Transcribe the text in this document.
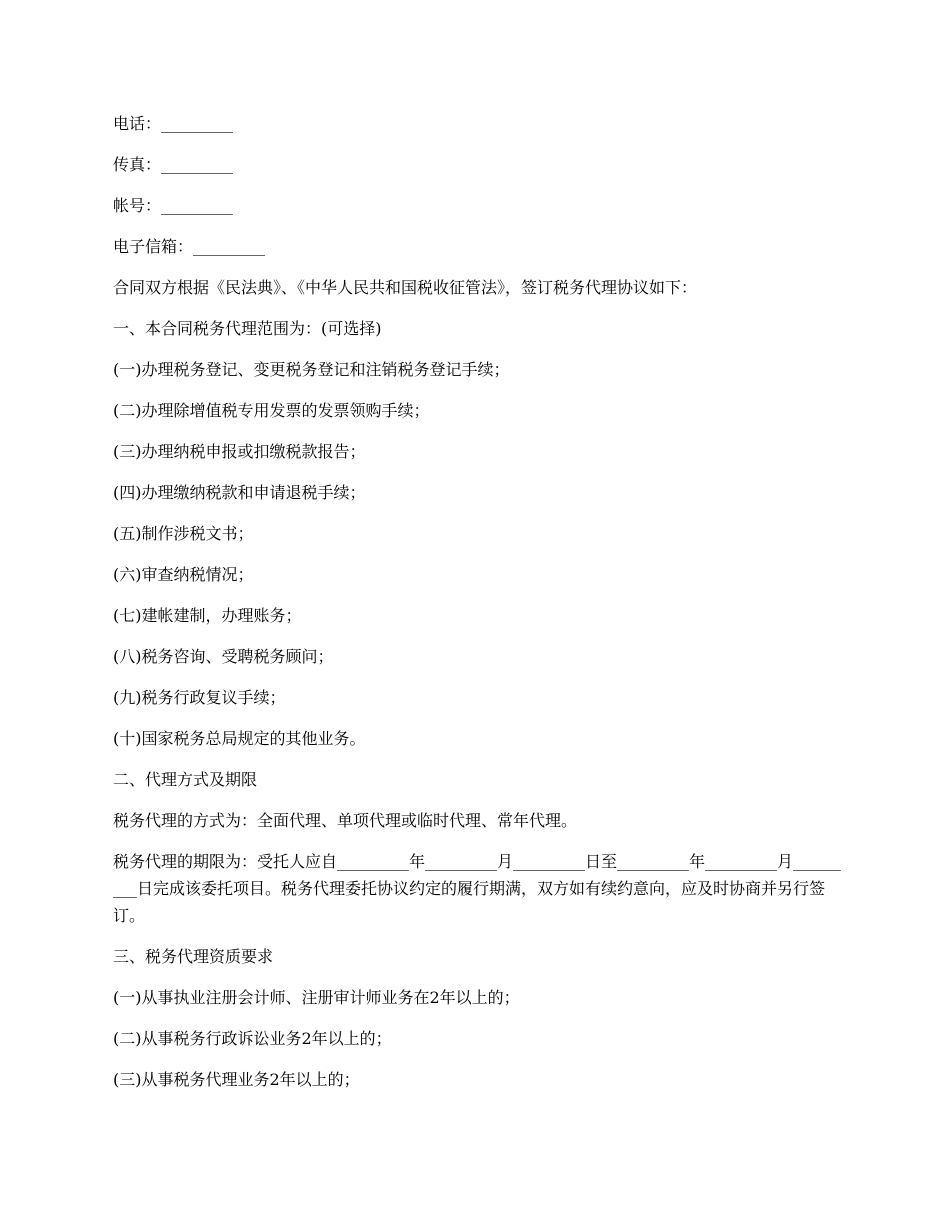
电话：_________

传真：_________

帐号：_________

电子信箱：_________

合同双方根据《民法典》、《中华人民共和国税收征管法》，签订税务代理协议如下：

一、本合同税务代理范围为：(可选择)

(一)办理税务登记、变更税务登记和注销税务登记手续；

(二)办理除增值税专用发票的发票领购手续；

(三)办理纳税申报或扣缴税款报告；

(四)办理缴纳税款和申请退税手续；

(五)制作涉税文书；

(六)审查纳税情况；

(七)建帐建制，办理账务；

(八)税务咨询、受聘税务顾问；

(九)税务行政复议手续；

(十)国家税务总局规定的其他业务。

二、代理方式及期限

税务代理的方式为：全面代理、单项代理或临时代理、常年代理。

税务代理的期限为：受托人应自_________年_________月_________日至_________年_________月_________日完成该委托项目。税务代理委托协议约定的履行期满，双方如有续约意向，应及时协商并另行签订。

三、税务代理资质要求

(一)从事执业注册会计师、注册审计师业务在2年以上的；

(二)从事税务行政诉讼业务2年以上的；

(三)从事税务代理业务2年以上的；
